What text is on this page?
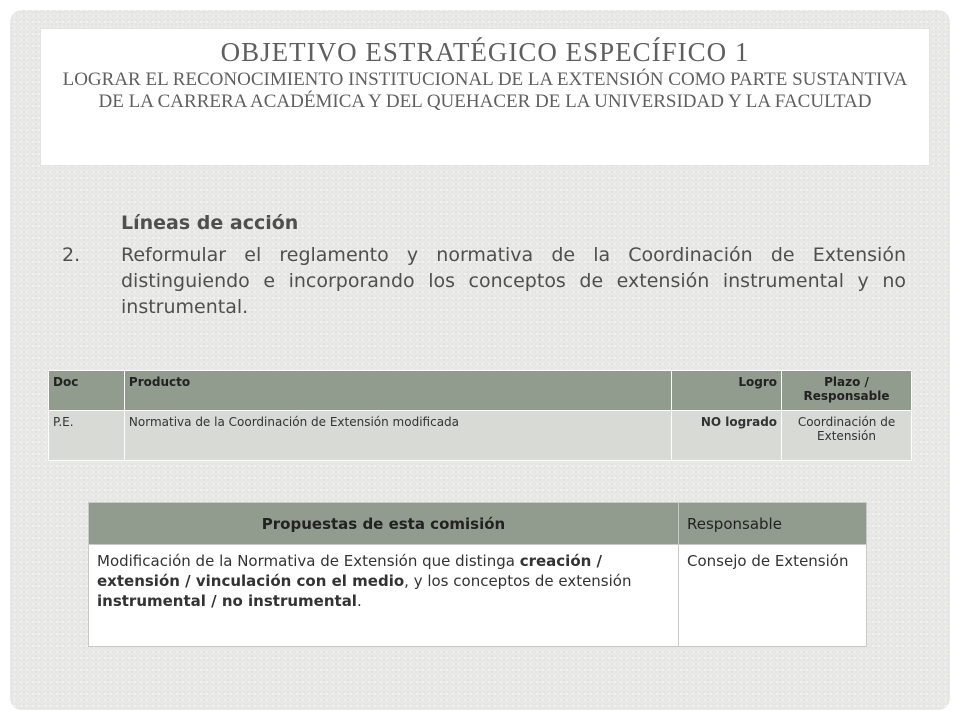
OBJETIVO ESTRATÉGICO ESPECÍFICO 1
LOGRAR EL RECONOCIMIENTO INSTITUCIONAL DE LA EXTENSIÓN COMO PARTE SUSTANTIVA DE LA CARRERA ACADÉMICA Y DEL QUEHACER DE LA UNIVERSIDAD Y LA FACULTAD
Líneas de acción
2.	Reformular el reglamento y normativa de la Coordinación de Extensión distinguiendo e incorporando los conceptos de extensión instrumental y no instrumental.
Doc	Producto	Logro	Plazo / Responsable
P.E.	Normativa de la Coordinación de Extensión modificada	NO logrado	Coordinación de Extensión
Propuestas de esta comisión	Responsable
Modificación de la Normativa de Extensión que distinga creación / extensión / vinculación con el medio, y los conceptos de extensión instrumental / no instrumental.	Consejo de Extensión
